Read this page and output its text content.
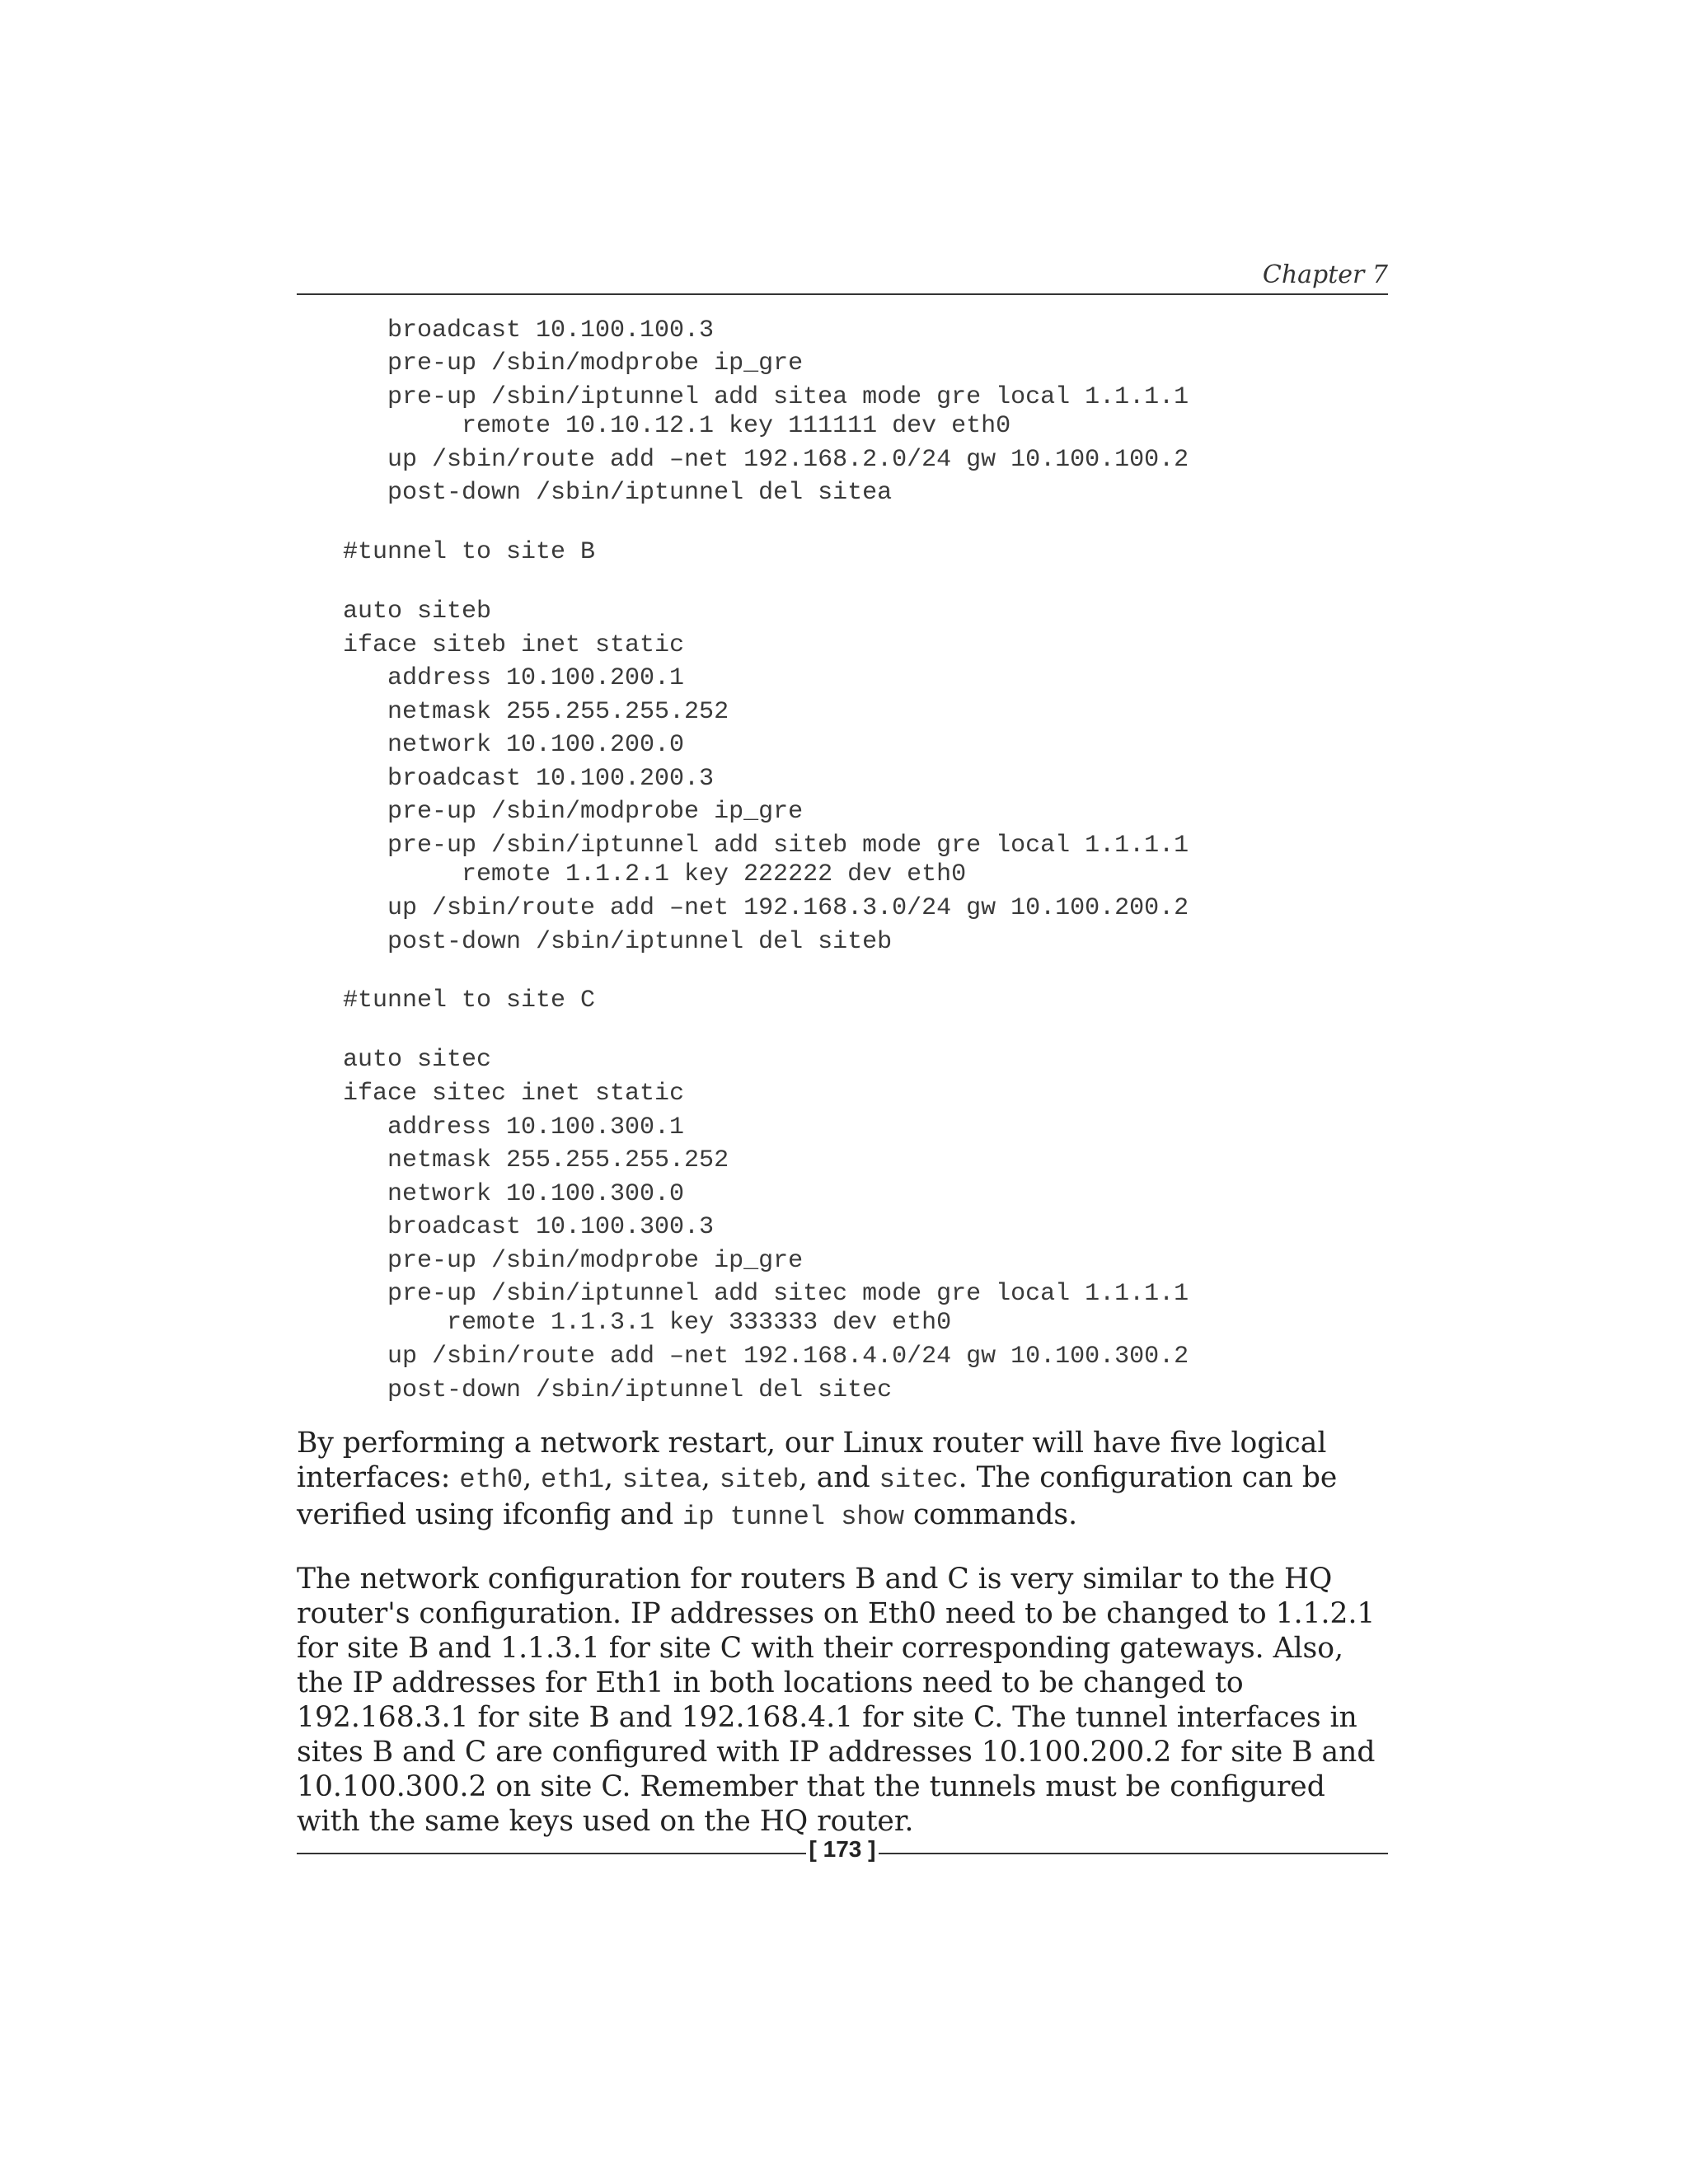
Chapter 7
broadcast 10.100.100.3
pre-up /sbin/modprobe ip_gre
pre-up /sbin/iptunnel add sitea mode gre local 1.1.1.1
remote 10.10.12.1 key 111111 dev eth0
up /sbin/route add –net 192.168.2.0/24 gw 10.100.100.2
post-down /sbin/iptunnel del sitea
#tunnel to site B
auto siteb
iface siteb inet static
address 10.100.200.1
netmask 255.255.255.252
network 10.100.200.0
broadcast 10.100.200.3
pre-up /sbin/modprobe ip_gre
pre-up /sbin/iptunnel add siteb mode gre local 1.1.1.1
remote 1.1.2.1 key 222222 dev eth0
up /sbin/route add –net 192.168.3.0/24 gw 10.100.200.2
post-down /sbin/iptunnel del siteb
#tunnel to site C
auto sitec
iface sitec inet static
address 10.100.300.1
netmask 255.255.255.252
network 10.100.300.0
broadcast 10.100.300.3
pre-up /sbin/modprobe ip_gre
pre-up /sbin/iptunnel add sitec mode gre local 1.1.1.1
remote 1.1.3.1 key 333333 dev eth0
up /sbin/route add –net 192.168.4.0/24 gw 10.100.300.2
post-down /sbin/iptunnel del sitec

By performing a network restart, our Linux router will have five logical interfaces: eth0, eth1, sitea, siteb, and sitec. The configuration can be verified using ifconfig and ip tunnel show commands.

The network configuration for routers B and C is very similar to the HQ router's configuration. IP addresses on Eth0 need to be changed to 1.1.2.1 for site B and 1.1.3.1 for site C with their corresponding gateways. Also, the IP addresses for Eth1 in both locations need to be changed to 192.168.3.1 for site B and 192.168.4.1 for site C. The tunnel interfaces in sites B and C are configured with IP addresses 10.100.200.2 for site B and 10.100.300.2 on site C. Remember that the tunnels must be configured with the same keys used on the HQ router.

[ 173 ]
